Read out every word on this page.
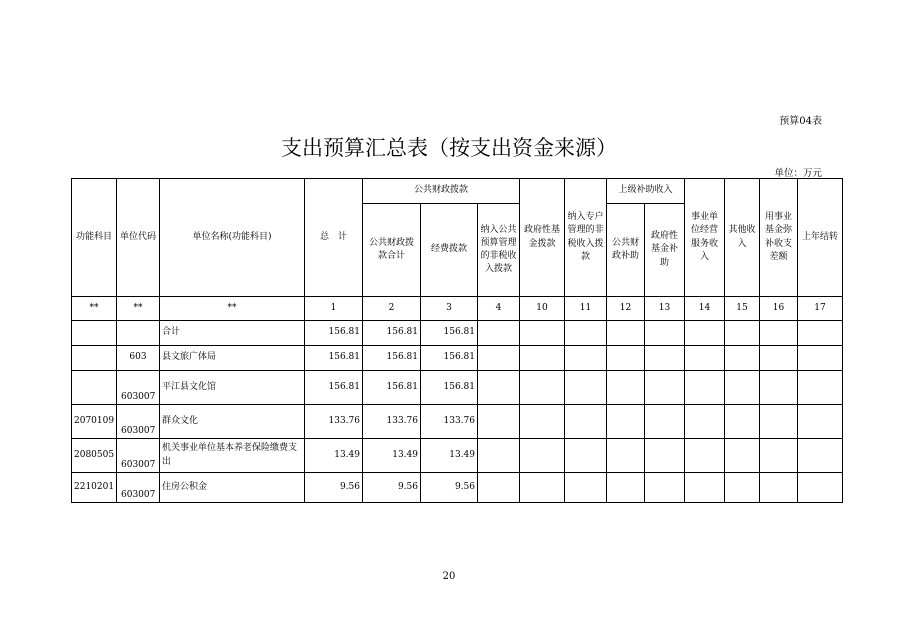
预算04表
支出预算汇总表（按支出资金来源）
单位：万元
功能科目	单位代码	单位名称(功能科目)	总　计	公共财政拨款			政府性基金拨款	纳入专户管理的非税收入拨款	上级补助收入		事业单位经营服务收入	其他收入	用事业基金弥补收支差额	上年结转
				公共财政拨款合计	经费拨款	纳入公共预算管理的非税收入拨款			公共财政补助	政府性基金补助				
**	**	**	1	2	3	4	10	11	12	13	14	15	16	17
		合计	156.81	156.81	156.81									
	603	县文旅广体局	156.81	156.81	156.81									

	603007	平江县文化馆	156.81	156.81	156.81									
2070109	603007	群众文化	133.76	133.76	133.76									
2080505	603007	机关事业单位基本养老保险缴费支出	13.49	13.49	13.49									
2210201	603007	住房公积金	9.56	9.56	9.56									
20
